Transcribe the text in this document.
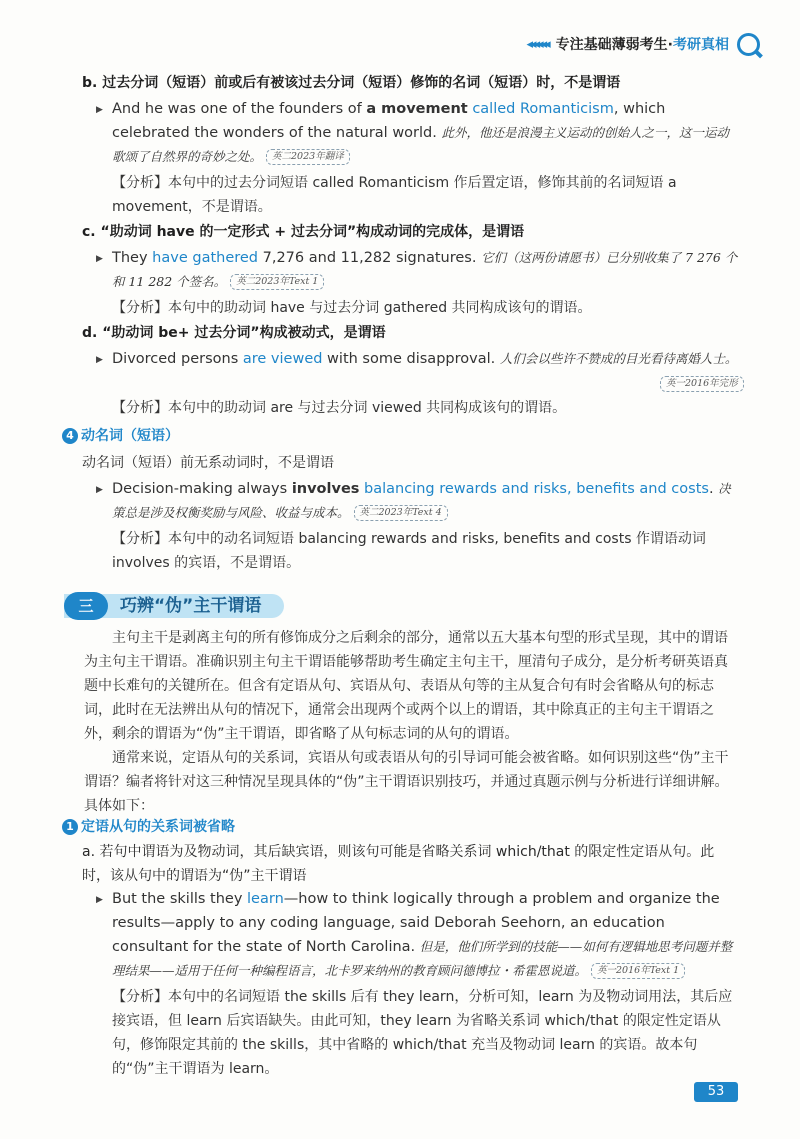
◂◂◂◂◂◂ 专注基础薄弱考生·考研真相
b. 过去分词（短语）前或后有被该过去分词（短语）修饰的名词（短语）时，不是谓语
▶ And he was one of the founders of a movement called Romanticism, which celebrated the wonders of the natural world. 此外，他还是浪漫主义运动的创始人之一，这一运动歌颂了自然界的奇妙之处。 英二2023年翻译
【分析】本句中的过去分词短语 called Romanticism 作后置定语，修饰其前的名词短语 a movement，不是谓语。
c. “助动词 have 的一定形式 + 过去分词”构成动词的完成体，是谓语
▶ They have gathered 7,276 and 11,282 signatures. 它们（这两份请愿书）已分别收集了 7 276 个和 11 282 个签名。 英二2023年Text 1
【分析】本句中的助动词 have 与过去分词 gathered 共同构成该句的谓语。
d. “助动词 be+ 过去分词”构成被动式，是谓语
▶ Divorced persons are viewed with some disapproval. 人们会以些许不赞成的目光看待离婚人士。
英一2016年完形
【分析】本句中的助动词 are 与过去分词 viewed 共同构成该句的谓语。
4 动名词（短语）
动名词（短语）前无系动词时，不是谓语
▶ Decision-making always involves balancing rewards and risks, benefits and costs. 决策总是涉及权衡奖励与风险、收益与成本。 英二2023年Text 4
【分析】本句中的动名词短语 balancing rewards and risks, benefits and costs 作谓语动词 involves 的宾语，不是谓语。
三	巧辨“伪”主干谓语
主句主干是剥离主句的所有修饰成分之后剩余的部分，通常以五大基本句型的形式呈现，其中的谓语为主句主干谓语。准确识别主句主干谓语能够帮助考生确定主句主干，厘清句子成分，是分析考研英语真题中长难句的关键所在。但含有定语从句、宾语从句、表语从句等的主从复合句有时会省略从句的标志词，此时在无法辨出从句的情况下，通常会出现两个或两个以上的谓语，其中除真正的主句主干谓语之外，剩余的谓语为“伪”主干谓语，即省略了从句标志词的从句的谓语。
通常来说，定语从句的关系词，宾语从句或表语从句的引导词可能会被省略。如何识别这些“伪”主干谓语？编者将针对这三种情况呈现具体的“伪”主干谓语识别技巧，并通过真题示例与分析进行详细讲解。具体如下：
1 定语从句的关系词被省略
a. 若句中谓语为及物动词，其后缺宾语，则该句可能是省略关系词 which/that 的限定性定语从句。此时，该从句中的谓语为“伪”主干谓语
▶ But the skills they learn—how to think logically through a problem and organize the results—apply to any coding language, said Deborah Seehorn, an education consultant for the state of North Carolina. 但是，他们所学到的技能——如何有逻辑地思考问题并整理结果——适用于任何一种编程语言，北卡罗来纳州的教育顾问德博拉・希霍恩说道。 英一2016年Text 1
【分析】本句中的名词短语 the skills 后有 they learn，分析可知，learn 为及物动词用法，其后应接宾语，但 learn 后宾语缺失。由此可知，they learn 为省略关系词 which/that 的限定性定语从句，修饰限定其前的 the skills，其中省略的 which/that 充当及物动词 learn 的宾语。故本句的“伪”主干谓语为 learn。
53
